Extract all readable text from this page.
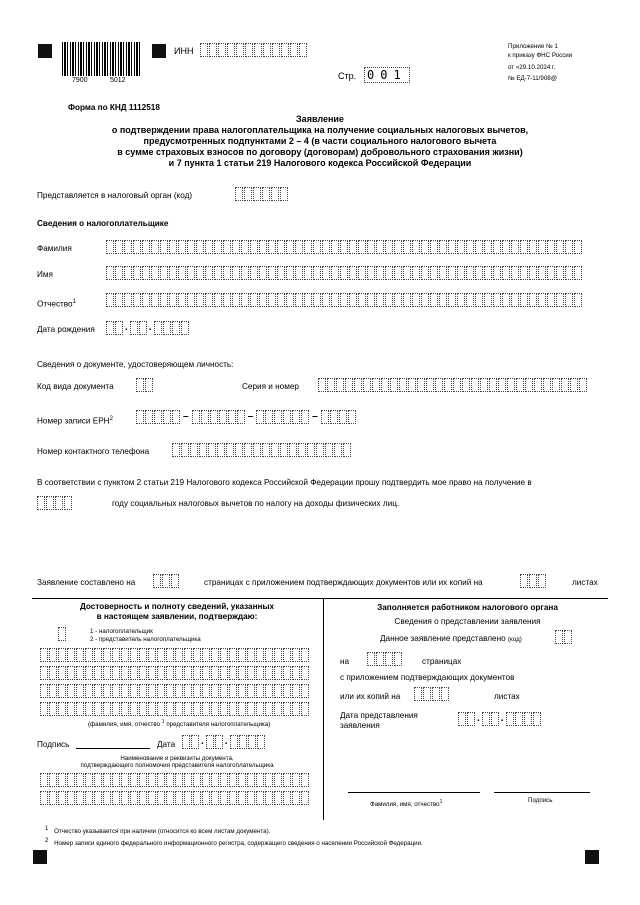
7900	5012
ИНН
Стр. 001
Приложение № 1
к приказу ФНС России
от «29.10.2024 г.
№ ЕД-7-11/908@
Форма по КНД 1112518
Заявление
о подтверждении права налогоплательщика на получение социальных налоговых вычетов,
предусмотренных подпунктами 2 – 4 (в части социального налогового вычета
в сумме страховых взносов по договору (договорам) добровольного страхования жизни)
и 7 пункта 1 статьи 219 Налогового кодекса Российской Федерации
Представляется в налоговый орган (код)
Сведения о налогоплательщике
Фамилия
Имя
Отчество$^1$
Дата рождения	. .
Сведения о документе, удостоверяющем личность:
Код вида документа	Серия и номер
Номер записи ЕРН$^2$	–	–	–
Номер контактного телефона
В соответствии с пунктом 2 статьи 219 Налогового кодекса Российской Федерации прошу подтвердить мое право на получение в
году социальных налоговых вычетов по налогу на доходы физических лиц.
Заявление составлено на	страницах с приложением подтверждающих документов или их копий на	листах
Достоверность и полноту сведений, указанных
в настоящем заявлении, подтверждаю:
1 - налогоплательщик
2 - представитель налогоплательщика
(фамилия, имя, отчество $^1$ представителя налогоплательщика)
Подпись	Дата	. .
Наименование и реквизиты документа,
подтверждающего полномочия представителя налогоплательщика
Заполняется работником налогового органа
Сведения о представлении заявления
Данное заявление представлено (код)
на	страницах
с приложением подтверждающих документов
или их копий на	листах
Дата представления
заявления
. .
Фамилия, имя, отчество$^1$	Подпись
$^1$ Отчество указывается при наличии (относится ко всем листам документа).
$^2$ Номер записи единого федерального информационного регистра, содержащего сведения о населении Российской Федерации.
